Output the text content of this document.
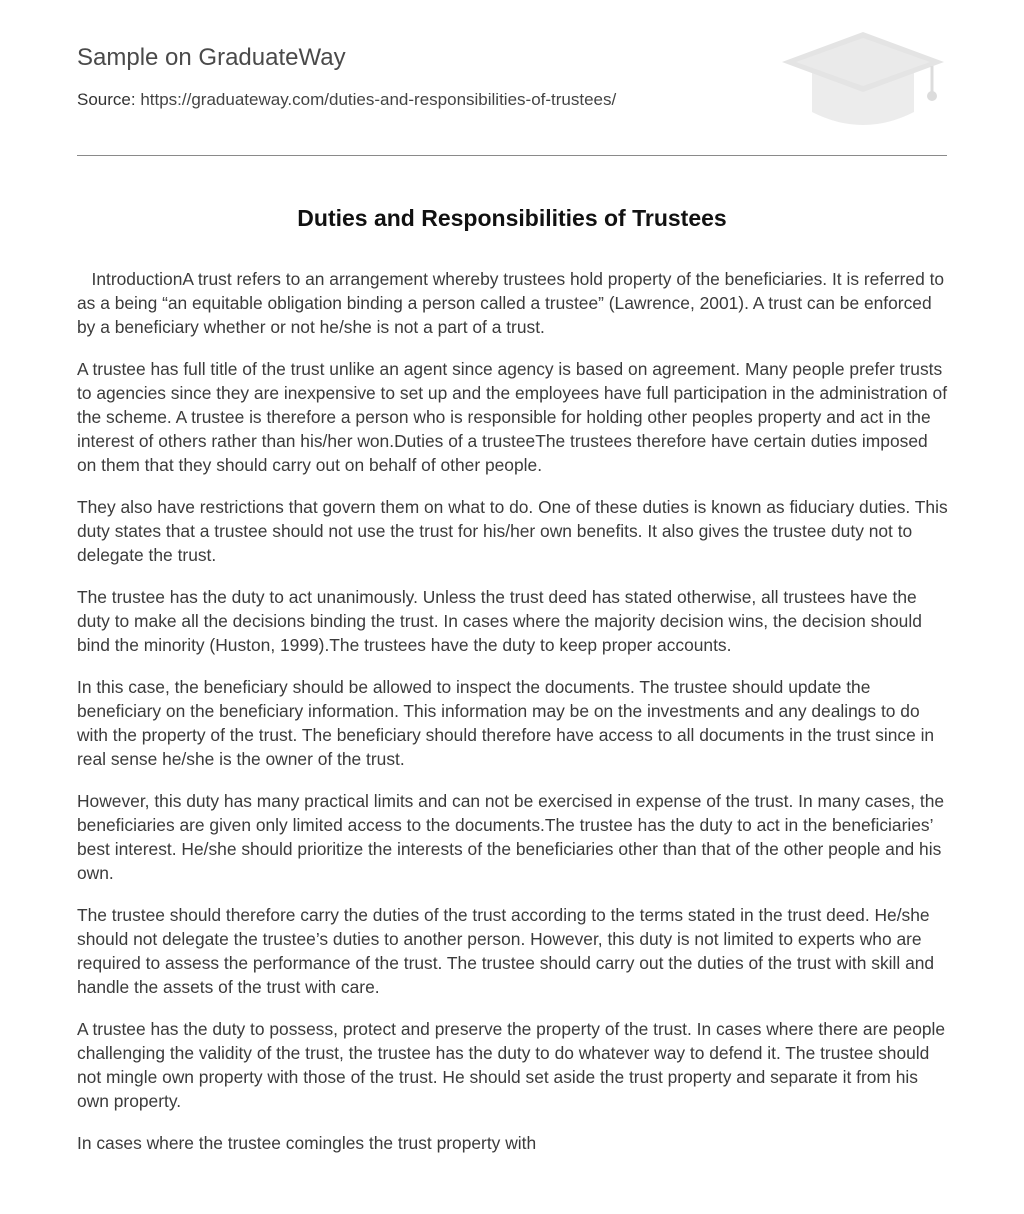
Sample on GraduateWay
Source: https://graduateway.com/duties-and-responsibilities-of-trustees/
Duties and Responsibilities of Trustees

IntroductionA trust refers to an arrangement whereby trustees hold property of the beneficiaries. It is referred to as a being “an equitable obligation binding a person called a trustee” (Lawrence, 2001). A trust can be enforced by a beneficiary whether or not he/she is not a part of a trust.

A trustee has full title of the trust unlike an agent since agency is based on agreement. Many people prefer trusts to agencies since they are inexpensive to set up and the employees have full participation in the administration of the scheme. A trustee is therefore a person who is responsible for holding other peoples property and act in the interest of others rather than his/her won.Duties of a trusteeThe trustees therefore have certain duties imposed on them that they should carry out on behalf of other people.

They also have restrictions that govern them on what to do. One of these duties is known as fiduciary duties. This duty states that a trustee should not use the trust for his/her own benefits. It also gives the trustee duty not to delegate the trust.

The trustee has the duty to act unanimously. Unless the trust deed has stated otherwise, all trustees have the duty to make all the decisions binding the trust. In cases where the majority decision wins, the decision should bind the minority (Huston, 1999).The trustees have the duty to keep proper accounts.

In this case, the beneficiary should be allowed to inspect the documents. The trustee should update the beneficiary on the beneficiary information. This information may be on the investments and any dealings to do with the property of the trust. The beneficiary should therefore have access to all documents in the trust since in real sense he/she is the owner of the trust.

However, this duty has many practical limits and can not be exercised in expense of the trust. In many cases, the beneficiaries are given only limited access to the documents.The trustee has the duty to act in the beneficiaries’ best interest. He/she should prioritize the interests of the beneficiaries other than that of the other people and his own.

The trustee should therefore carry the duties of the trust according to the terms stated in the trust deed. He/she should not delegate the trustee’s duties to another person. However, this duty is not limited to experts who are required to assess the performance of the trust. The trustee should carry out the duties of the trust with skill and handle the assets of the trust with care.

A trustee has the duty to possess, protect and preserve the property of the trust. In cases where there are people challenging the validity of the trust, the trustee has the duty to do whatever way to defend it. The trustee should not mingle own property with those of the trust. He should set aside the trust property and separate it from his own property.

In cases where the trustee comingles the trust property with
